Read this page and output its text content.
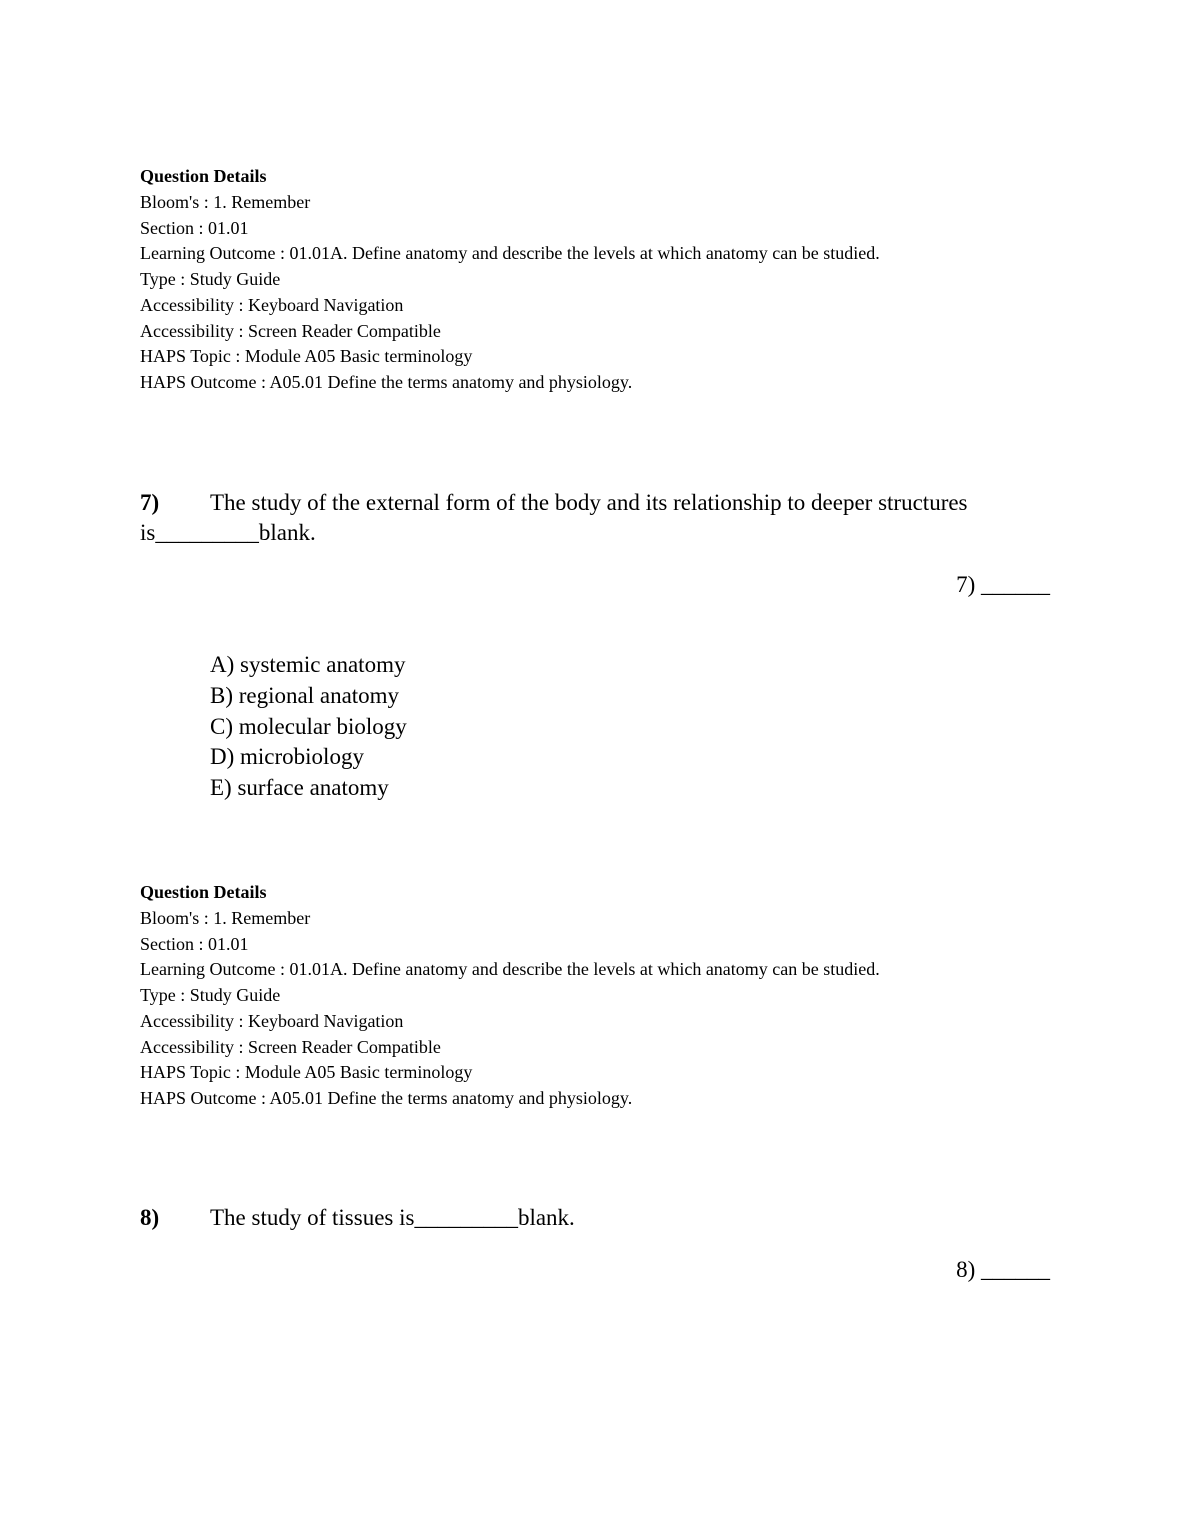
Question Details
Bloom's : 1. Remember
Section : 01.01
Learning Outcome : 01.01A. Define anatomy and describe the levels at which anatomy can be studied.
Type : Study Guide
Accessibility : Keyboard Navigation
Accessibility : Screen Reader Compatible
HAPS Topic : Module A05 Basic terminology
HAPS Outcome : A05.01 Define the terms anatomy and physiology.
7) The study of the external form of the body and its relationship to deeper structures
is_________blank.
7) ______
A) systemic anatomy
B) regional anatomy
C) molecular biology
D) microbiology
E) surface anatomy
Question Details
Bloom's : 1. Remember
Section : 01.01
Learning Outcome : 01.01A. Define anatomy and describe the levels at which anatomy can be studied.
Type : Study Guide
Accessibility : Keyboard Navigation
Accessibility : Screen Reader Compatible
HAPS Topic : Module A05 Basic terminology
HAPS Outcome : A05.01 Define the terms anatomy and physiology.
8) The study of tissues is_________blank.
8) ______
